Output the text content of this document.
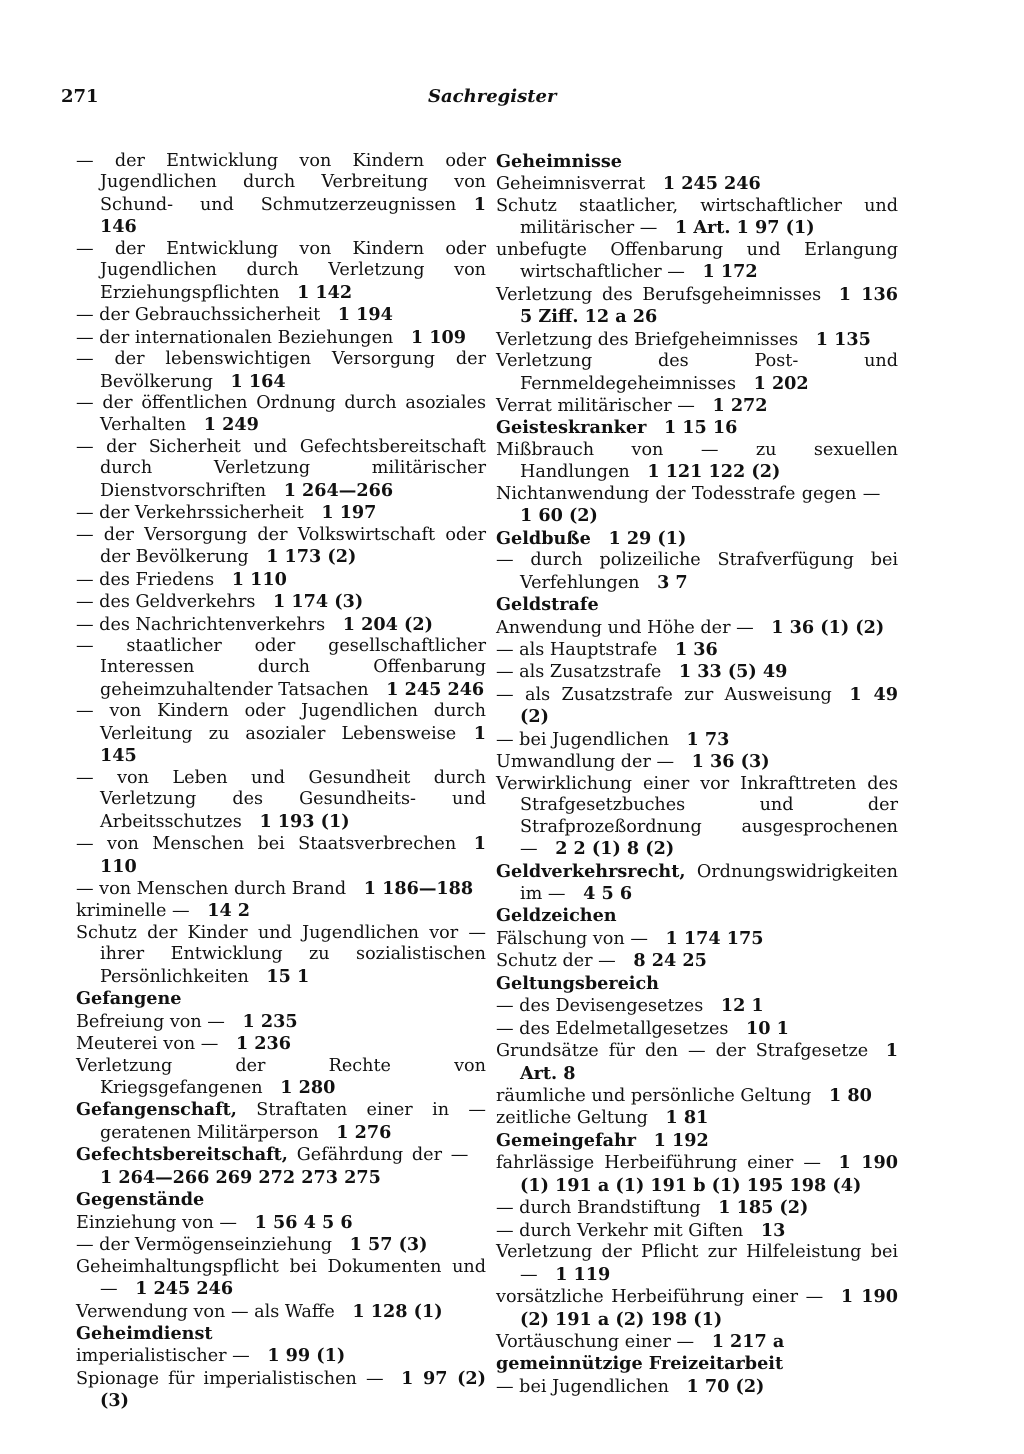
271	Sachregister
— der Entwicklung von Kindern oder Jugendlichen durch Verbreitung von Schund- und Schmutzerzeugnissen  1 146
— der Entwicklung von Kindern oder Jugendlichen durch Verletzung von Erziehungspflichten  1 142
— der Gebrauchssicherheit  1 194
— der internationalen Beziehungen  1 109
— der lebenswichtigen Versorgung der Bevölkerung  1 164
— der öffentlichen Ordnung durch asoziales Verhalten  1 249
— der Sicherheit und Gefechtsbereitschaft durch Verletzung militärischer Dienstvorschriften  1 264—266
— der Verkehrssicherheit  1 197
— der Versorgung der Volkswirtschaft oder der Bevölkerung  1 173 (2)
— des Friedens  1 110
— des Geldverkehrs  1 174 (3)
— des Nachrichtenverkehrs  1 204 (2)
— staatlicher oder gesellschaftlicher Interessen durch Offenbarung geheimzuhaltender Tatsachen  1 245 246
— von Kindern oder Jugendlichen durch Verleitung zu asozialer Lebensweise  1 145
— von Leben und Gesundheit durch Verletzung des Gesundheits- und Arbeitsschutzes  1 193 (1)
— von Menschen bei Staatsverbrechen  1 110
— von Menschen durch Brand  1 186—188
kriminelle —  14 2
Schutz der Kinder und Jugendlichen vor — ihrer Entwicklung zu sozialistischen Persönlichkeiten  15 1
Gefangene
Befreiung von —  1 235
Meuterei von —  1 236
Verletzung der Rechte von Kriegsgefangenen  1 280
Gefangenschaft, Straftaten einer in — geratenen Militärperson  1 276
Gefechtsbereitschaft, Gefährdung der — 1 264—266 269 272 273 275
Gegenstände
Einziehung von —  1 56 4 5 6
— der Vermögenseinziehung  1 57 (3)
Geheimhaltungspflicht bei Dokumenten und —  1 245 246
Verwendung von — als Waffe  1 128 (1)
Geheimdienst
imperialistischer —  1 99 (1)
Spionage für imperialistischen —  1 97 (2) (3)
Geheimnisse
Geheimnisverrat  1 245 246
Schutz staatlicher, wirtschaftlicher und militärischer —  1 Art. 1 97 (1)
unbefugte Offenbarung und Erlangung wirtschaftlicher —  1 172
Verletzung des Berufsgeheimnisses  1 136 5 Ziff. 12 a 26
Verletzung des Briefgeheimnisses  1 135
Verletzung des Post- und Fernmeldegeheimnisses  1 202
Verrat militärischer —  1 272
Geisteskranker  1 15 16
Mißbrauch von — zu sexuellen Handlungen  1 121 122 (2)
Nichtanwendung der Todesstrafe gegen — 1 60 (2)
Geldbuße  1 29 (1)
— durch polizeiliche Strafverfügung bei Verfehlungen  3 7
Geldstrafe
Anwendung und Höhe der —  1 36 (1) (2)
— als Hauptstrafe  1 36
— als Zusatzstrafe  1 33 (5) 49
— als Zusatzstrafe zur Ausweisung  1 49 (2)
— bei Jugendlichen  1 73
Umwandlung der —  1 36 (3)
Verwirklichung einer vor Inkrafttreten des Strafgesetzbuches und der Strafprozeßordnung ausgesprochenen —  2 2 (1) 8 (2)
Geldverkehrsrecht, Ordnungswidrigkeiten im —  4 5 6
Geldzeichen
Fälschung von —  1 174 175
Schutz der —  8 24 25
Geltungsbereich
— des Devisengesetzes  12 1
— des Edelmetallgesetzes  10 1
Grundsätze für den — der Strafgesetze  1 Art. 8
räumliche und persönliche Geltung  1 80
zeitliche Geltung  1 81
Gemeingefahr  1 192
fahrlässige Herbeiführung einer —  1 190 (1) 191 a (1) 191 b (1) 195 198 (4)
— durch Brandstiftung  1 185 (2)
— durch Verkehr mit Giften  13
Verletzung der Pflicht zur Hilfeleistung bei —  1 119
vorsätzliche Herbeiführung einer —  1 190 (2) 191 a (2) 198 (1)
Vortäuschung einer —  1 217 a
gemeinnützige Freizeitarbeit
— bei Jugendlichen  1 70 (2)
